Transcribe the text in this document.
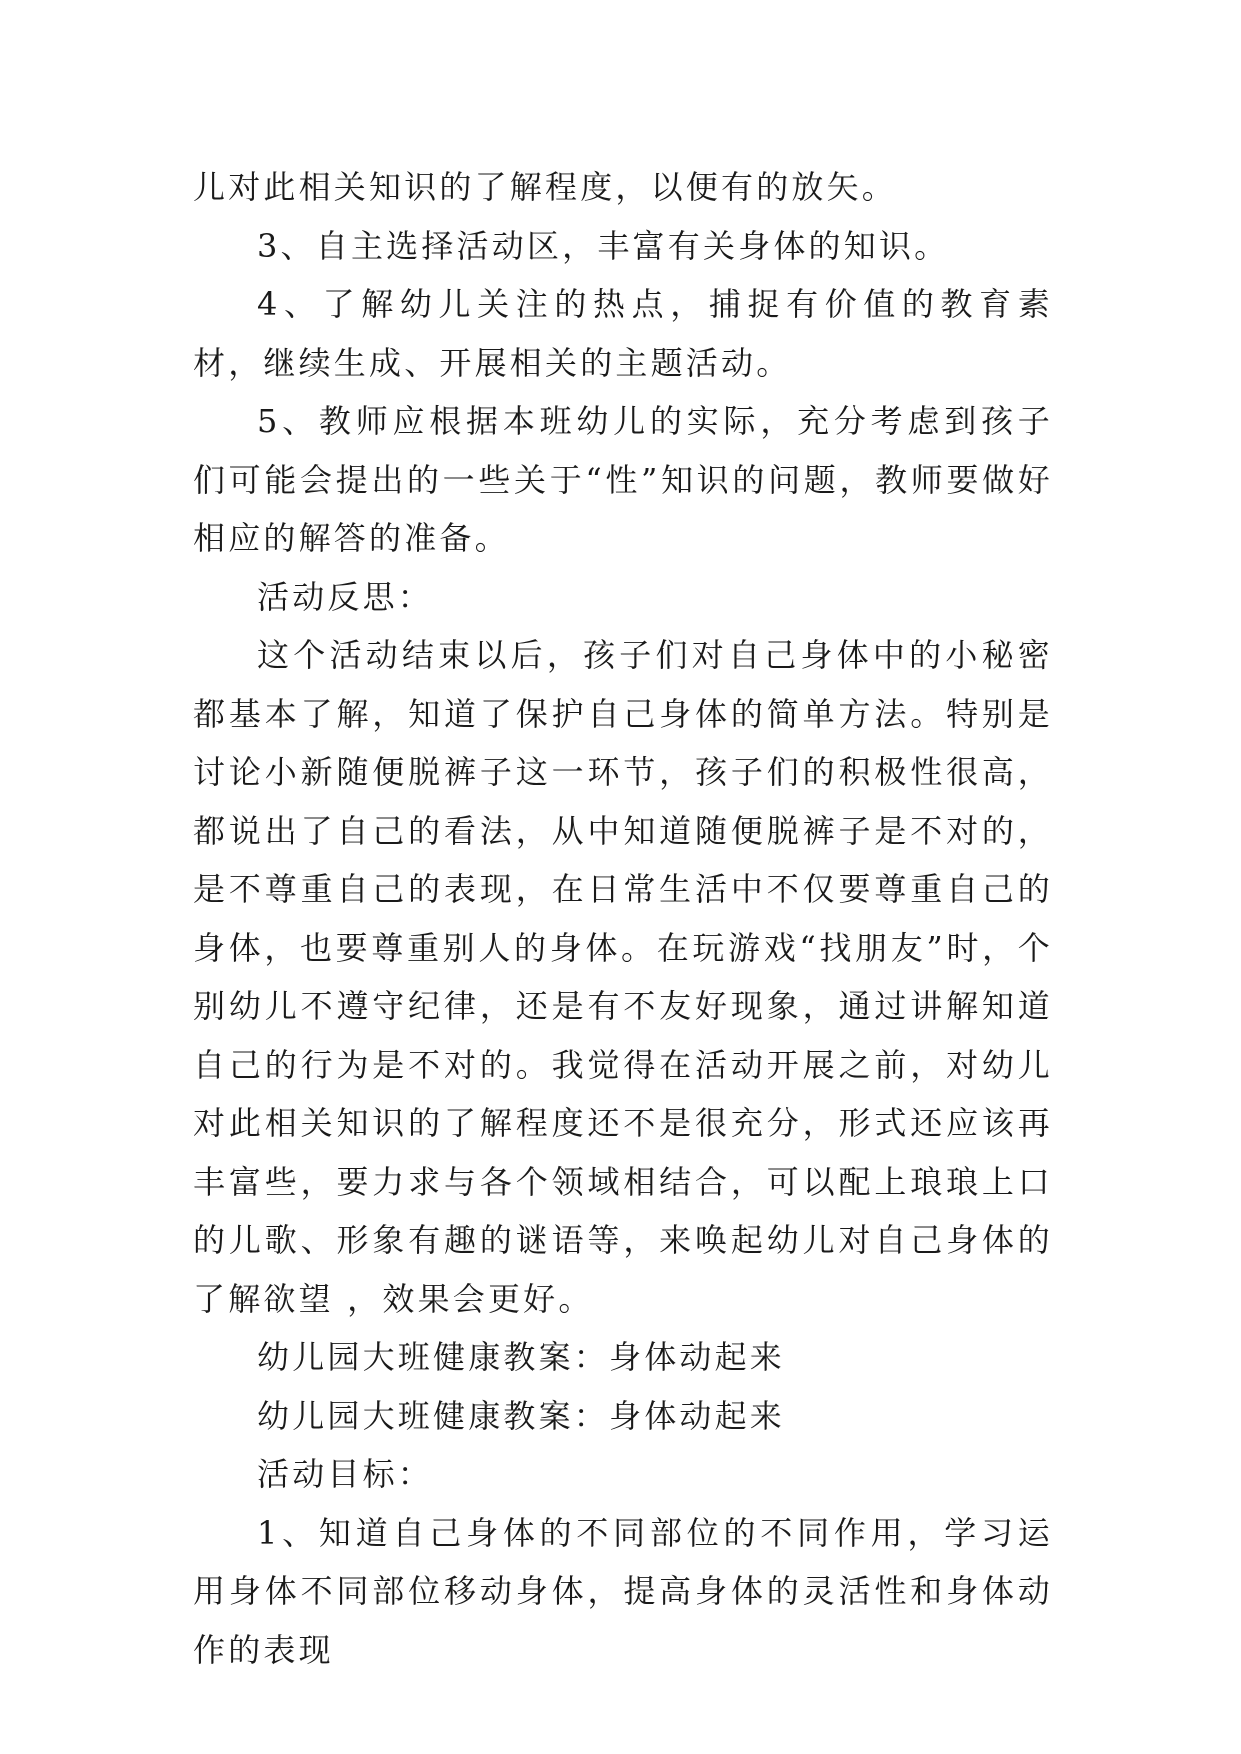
儿对此相关知识的了解程度，以便有的放矢。

3、自主选择活动区，丰富有关身体的知识。

4、了解幼儿关注的热点，捕捉有价值的教育素材，继续生成、开展相关的主题活动。

5、教师应根据本班幼儿的实际，充分考虑到孩子们可能会提出的一些关于“性”知识的问题，教师要做好相应的解答的准备。

活动反思：

这个活动结束以后，孩子们对自己身体中的小秘密都基本了解，知道了保护自己身体的简单方法。特别是讨论小新随便脱裤子这一环节，孩子们的积极性很高，都说出了自己的看法，从中知道随便脱裤子是不对的，是不尊重自己的表现，在日常生活中不仅要尊重自己的身体，也要尊重别人的身体。在玩游戏“找朋友”时，个别幼儿不遵守纪律，还是有不友好现象，通过讲解知道自己的行为是不对的。我觉得在活动开展之前，对幼儿对此相关知识的了解程度还不是很充分，形式还应该再丰富些，要力求与各个领域相结合，可以配上琅琅上口的儿歌、形象有趣的谜语等，来唤起幼儿对自己身体的了解欲望 ，效果会更好。

幼儿园大班健康教案：身体动起来

幼儿园大班健康教案：身体动起来

活动目标：

1、知道自己身体的不同部位的不同作用，学习运用身体不同部位移动身体，提高身体的灵活性和身体动作的表现
